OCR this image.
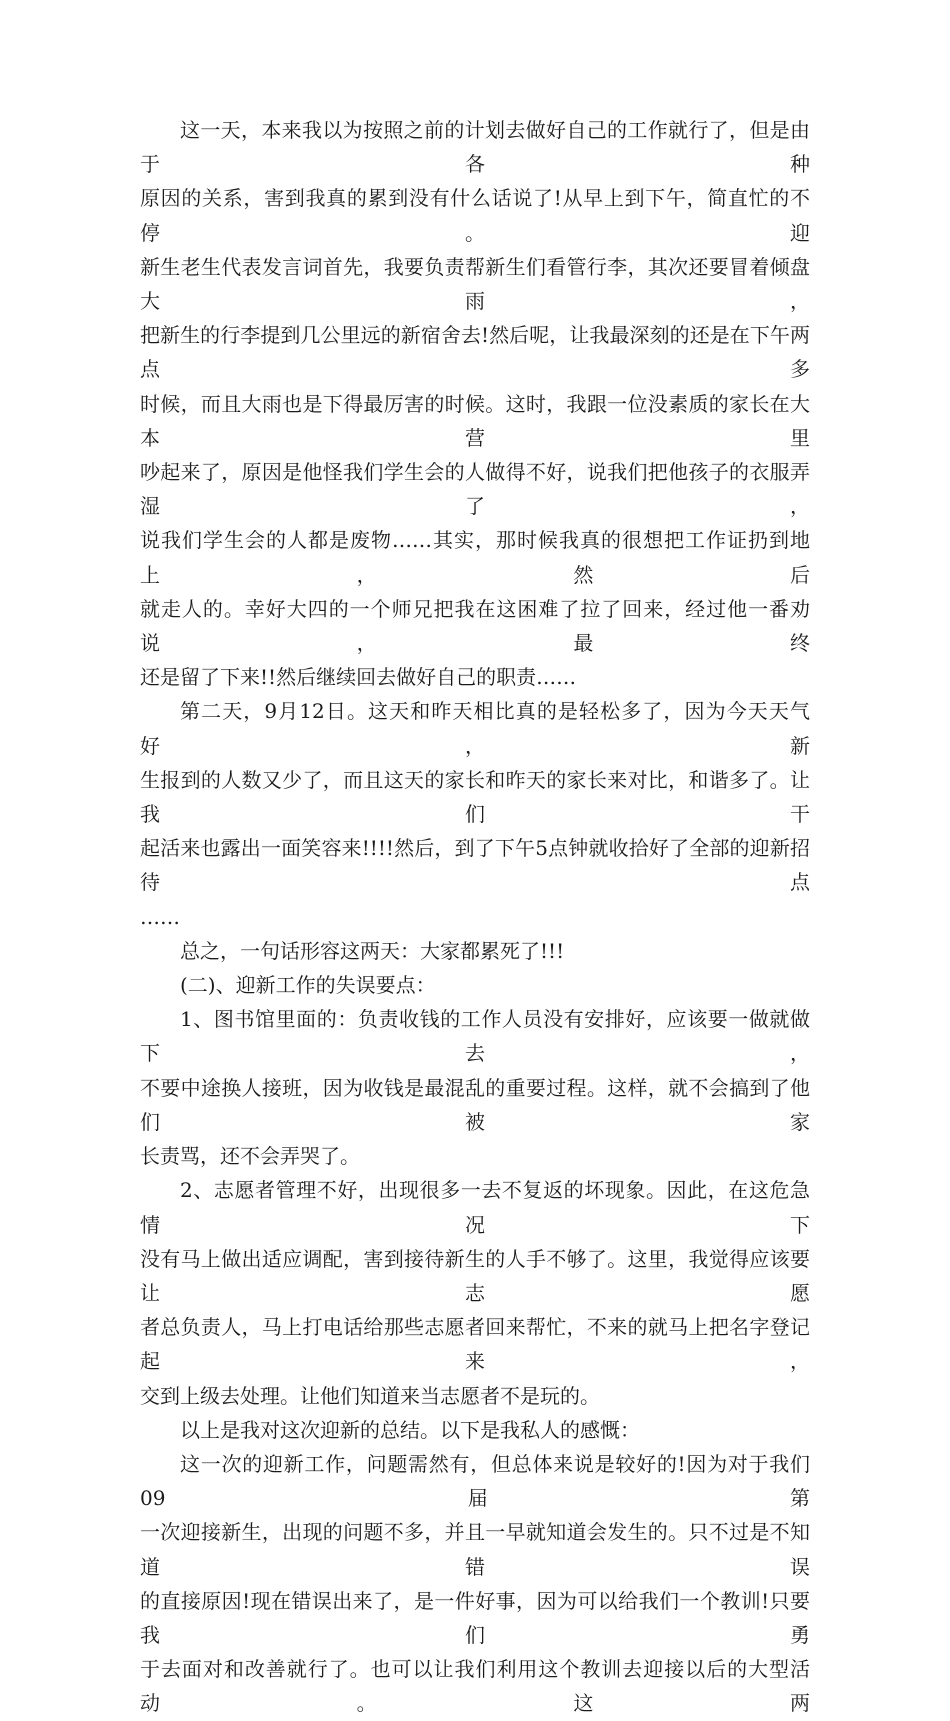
这一天，本来我以为按照之前的计划去做好自己的工作就行了，但是由于各种
原因的关系，害到我真的累到没有什么话说了!从早上到下午，简直忙的不停。迎
新生老生代表发言词首先，我要负责帮新生们看管行李，其次还要冒着倾盘大雨，
把新生的行李提到几公里远的新宿舍去!然后呢，让我最深刻的还是在下午两点多
时候，而且大雨也是下得最厉害的时候。这时，我跟一位没素质的家长在大本营里
吵起来了，原因是他怪我们学生会的人做得不好，说我们把他孩子的衣服弄湿了，
说我们学生会的人都是废物……其实，那时候我真的很想把工作证扔到地上，然后
就走人的。幸好大四的一个师兄把我在这困难了拉了回来，经过他一番劝说，最终
还是留了下来!!然后继续回去做好自己的职责……

第二天，9月12日。这天和昨天相比真的是轻松多了，因为今天天气好，新
生报到的人数又少了，而且这天的家长和昨天的家长来对比，和谐多了。让我们干
起活来也露出一面笑容来!!!!然后，到了下午5点钟就收拾好了全部的迎新招待点
……

总之，一句话形容这两天：大家都累死了!!!

(二)、迎新工作的失误要点：

1、图书馆里面的：负责收钱的工作人员没有安排好，应该要一做就做下去，
不要中途换人接班，因为收钱是最混乱的重要过程。这样，就不会搞到了他们被家
长责骂，还不会弄哭了。

2、志愿者管理不好，出现很多一去不复返的坏现象。因此，在这危急情况下
没有马上做出适应调配，害到接待新生的人手不够了。这里，我觉得应该要让志愿
者总负责人，马上打电话给那些志愿者回来帮忙，不来的就马上把名字登记起来，
交到上级去处理。让他们知道来当志愿者不是玩的。

以上是我对这次迎新的总结。以下是我私人的感慨：

这一次的迎新工作，问题需然有，但总体来说是较好的!因为对于我们09届第
一次迎接新生，出现的问题不多，并且一早就知道会发生的。只不过是不知道错误
的直接原因!现在错误出来了，是一件好事，因为可以给我们一个教训!只要我们勇
于去面对和改善就行了。也可以让我们利用这个教训去迎接以后的大型活动。这两
